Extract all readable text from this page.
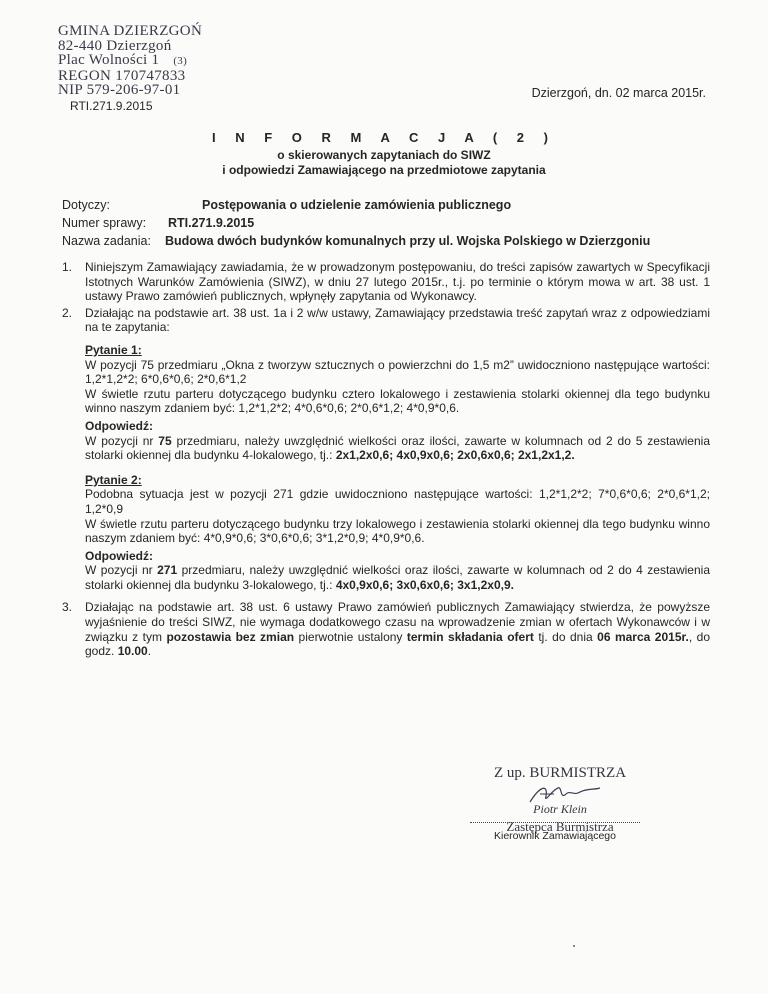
GMINA DZIERZGOŃ
82-440 Dzierzgoń
Plac Wolności 1 (3)
REGON 170747833
NIP 579-206-97-01	Dzierzgoń, dn. 02 marca 2015r.
RTI.271.9.2015
I N F O R M A C J A ( 2 )
o skierowanych zapytaniach do SIWZ
i odpowiedzi Zamawiającego na przedmiotowe zapytania
Dotyczy:	Postępowania o udzielenie zamówienia publicznego
Numer sprawy: RTI.271.9.2015
Nazwa zadania: Budowa dwóch budynków komunalnych przy ul. Wojska Polskiego w Dzierzgoniu
1. Niniejszym Zamawiający zawiadamia, że w prowadzonym postępowaniu, do treści zapisów zawartych w Specyfikacji Istotnych Warunków Zamówienia (SIWZ), w dniu 27 lutego 2015r., t.j. po terminie o którym mowa w art. 38 ust. 1 ustawy Prawo zamówień publicznych, wpłynęły zapytania od Wykonawcy.
2. Działając na podstawie art. 38 ust. 1a i 2 w/w ustawy, Zamawiający przedstawia treść zapytań wraz z odpowiedziami na te zapytania:
Pytanie 1:

W pozycji 75 przedmiaru „Okna z tworzyw sztucznych o powierzchni do 1,5 m2” uwidoczniono następujące wartości: 1,2*1,2*2; 6*0,6*0,6; 2*0,6*1,2

W świetle rzutu parteru dotyczącego budynku cztero lokalowego i zestawienia stolarki okiennej dla tego budynku winno naszym zdaniem być: 1,2*1,2*2; 4*0,6*0,6; 2*0,6*1,2; 4*0,9*0,6.

Odpowiedź:

W pozycji nr 75 przedmiaru, należy uwzględnić wielkości oraz ilości, zawarte w kolumnach od 2 do 5 zestawienia stolarki okiennej dla budynku 4-lokalowego, tj.: 2x1,2x0,6; 4x0,9x0,6; 2x0,6x0,6; 2x1,2x1,2.

Pytanie 2:

Podobna sytuacja jest w pozycji 271 gdzie uwidoczniono następujące wartości: 1,2*1,2*2; 7*0,6*0,6; 2*0,6*1,2; 1,2*0,9

W świetle rzutu parteru dotyczącego budynku trzy lokalowego i zestawienia stolarki okiennej dla tego budynku winno naszym zdaniem być: 4*0,9*0,6; 3*0,6*0,6; 3*1,2*0,9; 4*0,9*0,6.

Odpowiedź:

W pozycji nr 271 przedmiaru, należy uwzględnić wielkości oraz ilości, zawarte w kolumnach od 2 do 4 zestawienia stolarki okiennej dla budynku 3-lokalowego, tj.: 4x0,9x0,6; 3x0,6x0,6; 3x1,2x0,9.

3. Działając na podstawie art. 38 ust. 6 ustawy Prawo zamówień publicznych Zamawiający stwierdza, że powyższe wyjaśnienie do treści SIWZ, nie wymaga dodatkowego czasu na wprowadzenie zmian w ofertach Wykonawców i w związku z tym pozostawia bez zmian pierwotnie ustalony termin składania ofert tj. do dnia 06 marca 2015r., do godz. 10.00.
Z up. BURMISTRZA
Piotr Klein
Zastępca Burmistrza
Kierownik Zamawiającego
